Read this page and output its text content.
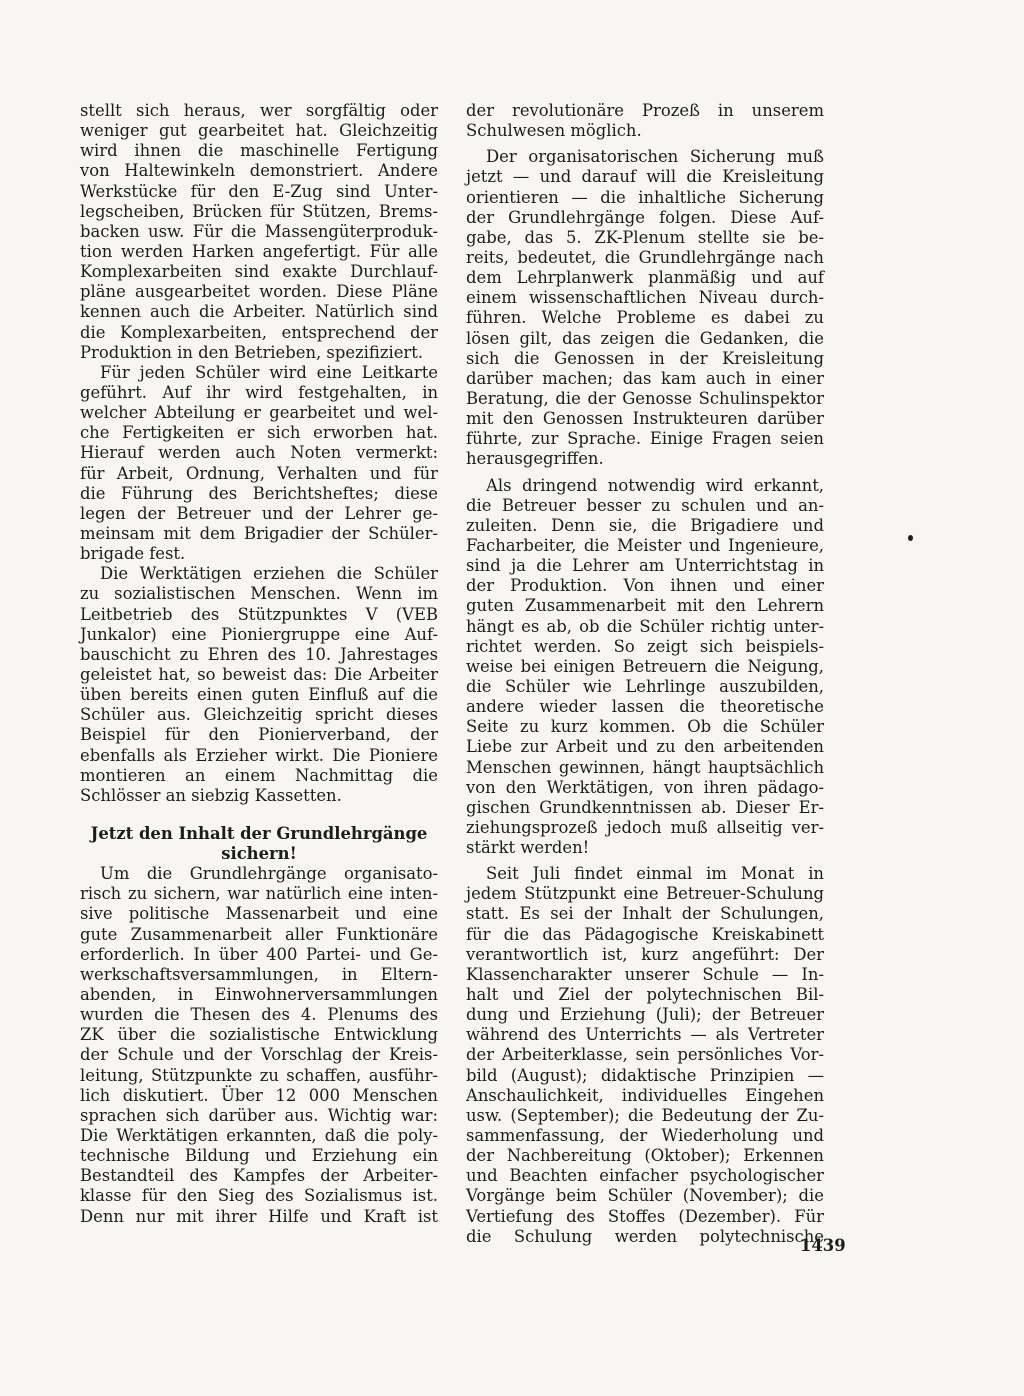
stellt sich heraus, wer sorgfältig oder
weniger gut gearbeitet hat. Gleichzeitig
wird ihnen die maschinelle Fertigung
von Haltewinkeln demonstriert. Andere
Werkstücke für den E-Zug sind Unter-
legscheiben, Brücken für Stützen, Brems-
backen usw. Für die Massengüterproduk-
tion werden Harken angefertigt. Für alle
Komplexarbeiten sind exakte Durchlauf-
pläne ausgearbeitet worden. Diese Pläne
kennen auch die Arbeiter. Natürlich sind
die Komplexarbeiten, entsprechend der
Produktion in den Betrieben, spezifiziert.
Für jeden Schüler wird eine Leitkarte
geführt. Auf ihr wird festgehalten, in
welcher Abteilung er gearbeitet und wel-
che Fertigkeiten er sich erworben hat.
Hierauf werden auch Noten vermerkt:
für Arbeit, Ordnung, Verhalten und für
die Führung des Berichtsheftes; diese
legen der Betreuer und der Lehrer ge-
meinsam mit dem Brigadier der Schüler-
brigade fest.
Die Werktätigen erziehen die Schüler
zu sozialistischen Menschen. Wenn im
Leitbetrieb des Stützpunktes V (VEB
Junkalor) eine Pioniergruppe eine Auf-
bauschicht zu Ehren des 10. Jahrestages
geleistet hat, so beweist das: Die Arbeiter
üben bereits einen guten Einfluß auf die
Schüler aus. Gleichzeitig spricht dieses
Beispiel für den Pionierverband, der
ebenfalls als Erzieher wirkt. Die Pioniere
montieren an einem Nachmittag die
Schlösser an siebzig Kassetten.
Jetzt den Inhalt der Grundlehrgänge
sichern!
Um die Grundlehrgänge organisato-
risch zu sichern, war natürlich eine inten-
sive politische Massenarbeit und eine
gute Zusammenarbeit aller Funktionäre
erforderlich. In über 400 Partei- und Ge-
werkschaftsversammlungen, in Eltern-
abenden, in Einwohnerversammlungen
wurden die Thesen des 4. Plenums des
ZK über die sozialistische Entwicklung
der Schule und der Vorschlag der Kreis-
leitung, Stützpunkte zu schaffen, ausführ-
lich diskutiert. Über 12 000 Menschen
sprachen sich darüber aus. Wichtig war:
Die Werktätigen erkannten, daß die poly-
technische Bildung und Erziehung ein
Bestandteil des Kampfes der Arbeiter-
klasse für den Sieg des Sozialismus ist.
Denn nur mit ihrer Hilfe und Kraft ist
der revolutionäre Prozeß in unserem
Schulwesen möglich.
Der organisatorischen Sicherung muß
jetzt — und darauf will die Kreisleitung
orientieren — die inhaltliche Sicherung
der Grundlehrgänge folgen. Diese Auf-
gabe, das 5. ZK-Plenum stellte sie be-
reits, bedeutet, die Grundlehrgänge nach
dem Lehrplanwerk planmäßig und auf
einem wissenschaftlichen Niveau durch-
führen. Welche Probleme es dabei zu
lösen gilt, das zeigen die Gedanken, die
sich die Genossen in der Kreisleitung
darüber machen; das kam auch in einer
Beratung, die der Genosse Schulinspektor
mit den Genossen Instrukteuren darüber
führte, zur Sprache. Einige Fragen seien
herausgegriffen.
Als dringend notwendig wird erkannt,
die Betreuer besser zu schulen und an-
zuleiten. Denn sie, die Brigadiere und
Facharbeiter, die Meister und Ingenieure,
sind ja die Lehrer am Unterrichtstag in
der Produktion. Von ihnen und einer
guten Zusammenarbeit mit den Lehrern
hängt es ab, ob die Schüler richtig unter-
richtet werden. So zeigt sich beispiels-
weise bei einigen Betreuern die Neigung,
die Schüler wie Lehrlinge auszubilden,
andere wieder lassen die theoretische
Seite zu kurz kommen. Ob die Schüler
Liebe zur Arbeit und zu den arbeitenden
Menschen gewinnen, hängt hauptsächlich
von den Werktätigen, von ihren pädago-
gischen Grundkenntnissen ab. Dieser Er-
ziehungsprozeß jedoch muß allseitig ver-
stärkt werden!
Seit Juli findet einmal im Monat in
jedem Stützpunkt eine Betreuer-Schulung
statt. Es sei der Inhalt der Schulungen,
für die das Pädagogische Kreiskabinett
verantwortlich ist, kurz angeführt: Der
Klassencharakter unserer Schule — In-
halt und Ziel der polytechnischen Bil-
dung und Erziehung (Juli); der Betreuer
während des Unterrichts — als Vertreter
der Arbeiterklasse, sein persönliches Vor-
bild (August); didaktische Prinzipien —
Anschaulichkeit, individuelles Eingehen
usw. (September); die Bedeutung der Zu-
sammenfassung, der Wiederholung und
der Nachbereitung (Oktober); Erkennen
und Beachten einfacher psychologischer
Vorgänge beim Schüler (November); die
Vertiefung des Stoffes (Dezember). Für
die Schulung werden polytechnische
1439
